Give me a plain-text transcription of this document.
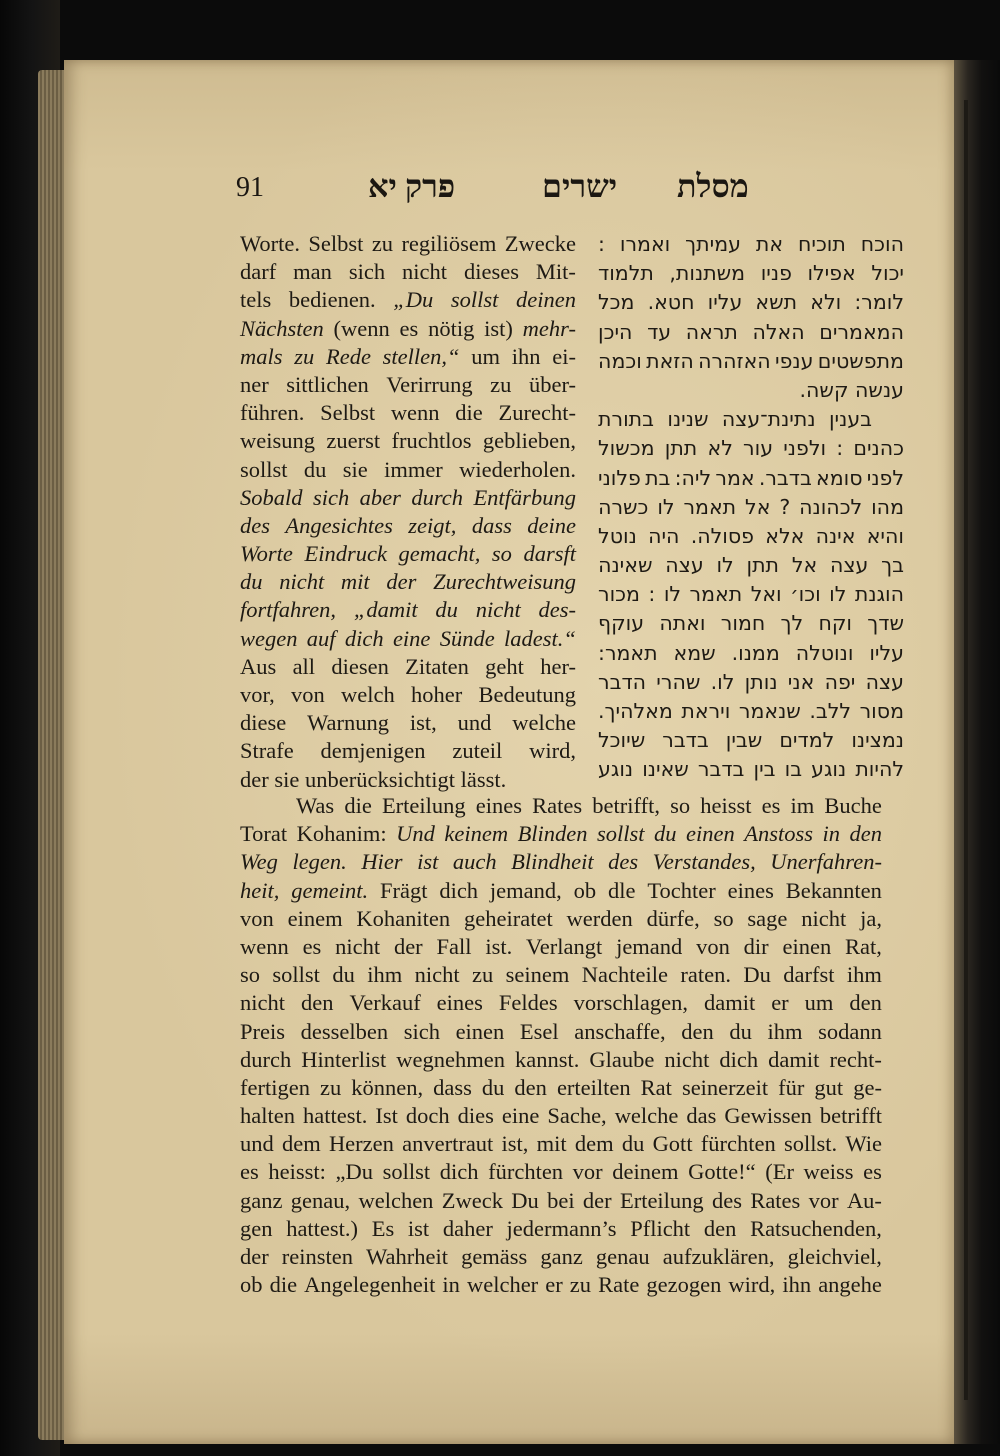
91	מסלת
ישרים
פרק יא
Worte. Selbst zu regiliösem Zwecke
darf man sich nicht dieses Mit-
tels bedienen. „Du sollst deinen
Nächsten (wenn es nötig ist) mehr-
mals zu Rede stellen,“ um ihn ei-
ner sittlichen Verirrung zu über-
führen. Selbst wenn die Zurecht-
weisung zuerst fruchtlos geblieben,
sollst du sie immer wiederholen.
Sobald sich aber durch Entfärbung
des Angesichtes zeigt, dass deine
Worte Eindruck gemacht, so darsft
du nicht mit der Zurechtweisung
fortfahren, „damit du nicht des-
wegen auf dich eine Sünde ladest.“
Aus all diesen Zitaten geht her-
vor, von welch hoher Bedeutung
diese Warnung ist, und welche
Strafe demjenigen zuteil wird,
der
sie
unberücksichtigt
lässt.
הוכח
תוכיח
את
עמיתך
ואמרו
:
יכול
אפילו
פניו
משתנות,
תלמוד
לומר:
ולא
תשא
עליו
חטא.
מכל
המאמרים
האלה
תראה
עד
היכן
מתפשטים
ענפי
האזהרה
הזאת
וכמה
ענשה

קשה.
בענין
נתינת־עצה
שנינו
בתורת
כהנים
:
ולפני
עור
לא
תתן
מכשול
לפני
סומא
בדבר.
אמר
ליה:
בת
פלוני
מהו
לכהונה
?
אל
תאמר
לו
כשרה
והיא
אינה
אלא
פסולה.
היה
נוטל
בך
עצה
אל
תתן
לו
עצה
שאינה
הוגנת
לו
וכו׳
ואל
תאמר
לו
:
מכור
שדך
וקח
לך
חמור
ואתה
עוקף
עליו
ונוטלה
ממנו.
שמא
תאמר:
עצה
יפה
אני
נותן
לו.
שהרי
הדבר
מסור
ללב.
שנאמר
ויראת
מאלהיך.
נמצינו
למדים
שבין
בדבר
שיוכל
להיות
נוגע
בו
בין
בדבר
שאינו
נוגע
Was die Erteilung eines Rates betrifft, so heisst es im Buche
Torat Kohanim: Und keinem Blinden sollst du einen Anstoss in den
Weg legen. Hier ist auch Blindheit des Verstandes, Unerfahren-
heit, gemeint. Frägt dich jemand, ob dle Tochter eines Bekannten
von einem Kohaniten geheiratet werden dürfe, so sage nicht ja,
wenn es nicht der Fall ist. Verlangt jemand von dir einen Rat,
so sollst du ihm nicht zu seinem Nachteile raten. Du darfst ihm
nicht den Verkauf eines Feldes vorschlagen, damit er um den
Preis desselben sich einen Esel anschaffe, den du ihm sodann
durch Hinterlist wegnehmen kannst. Glaube nicht dich damit recht-
fertigen zu können, dass du den erteilten Rat seinerzeit für gut ge-
halten hattest. Ist doch dies eine Sache, welche das Gewissen betrifft
und dem Herzen anvertraut ist, mit dem du Gott fürchten sollst. Wie
es heisst: „Du sollst dich fürchten vor deinem Gotte!“ (Er weiss es
ganz genau, welchen Zweck Du bei der Erteilung des Rates vor Au-
gen hattest.) Es ist daher jedermann’s Pflicht den Ratsuchenden,
der reinsten Wahrheit gemäss ganz genau aufzuklären, gleichviel,
ob die Angelegenheit in welcher er zu Rate gezogen wird, ihn angehe
